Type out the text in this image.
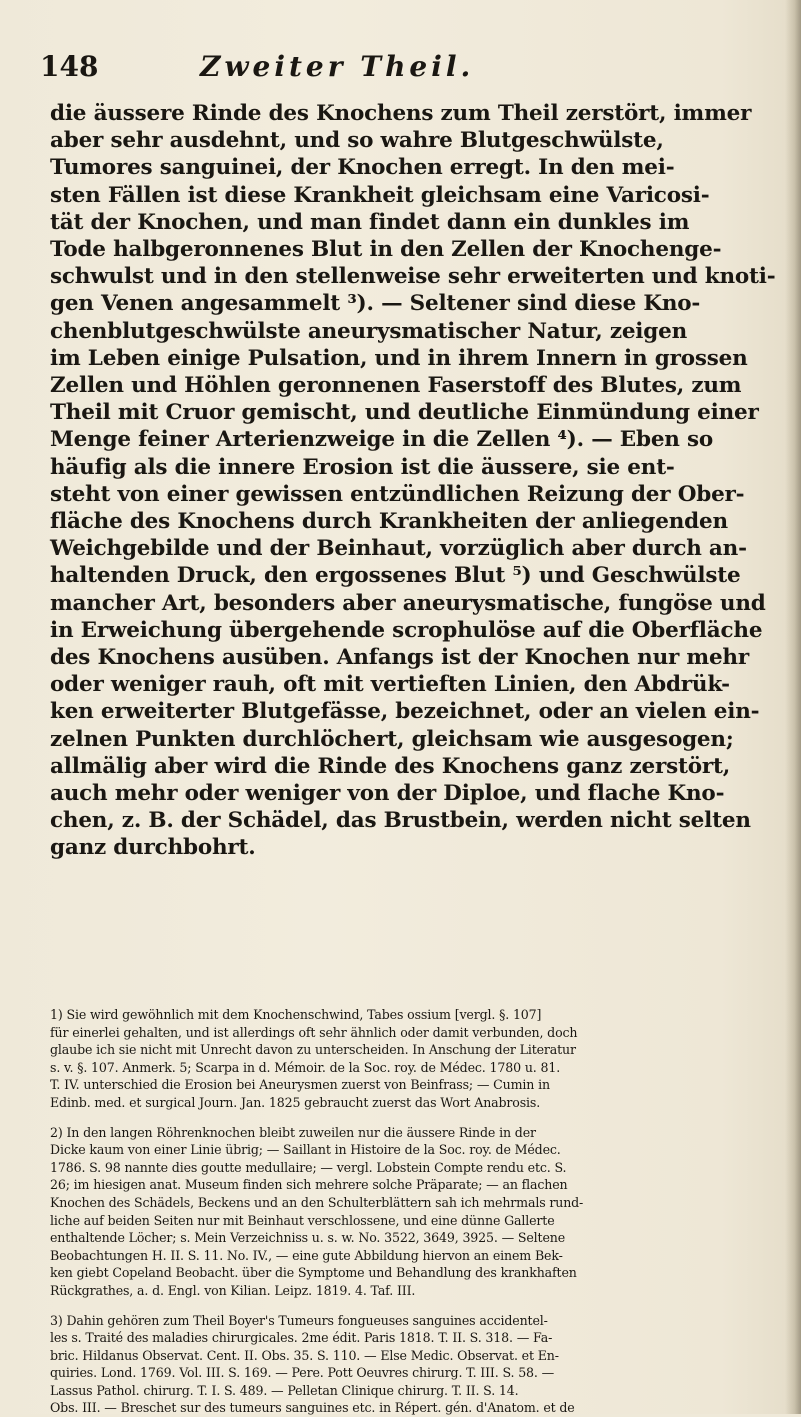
148	Zweiter Theil.
die äussere Rinde des Knochens zum Theil zerstört, immer
aber sehr ausdehnt, und so wahre Blutgeschwülste,
Tumores sanguinei, der Knochen erregt. In den mei-
sten Fällen ist diese Krankheit gleichsam eine Varicosi-
tät der Knochen, und man findet dann ein dunkles im
Tode halbgeronnenes Blut in den Zellen der Knochenge-
schwulst und in den stellenweise sehr erweiterten und knoti-
gen Venen angesammelt ³). — Seltener sind diese Kno-
chenblutgeschwülste aneurysmatischer Natur, zeigen
im Leben einige Pulsation, und in ihrem Innern in grossen
Zellen und Höhlen geronnenen Faserstoff des Blutes, zum
Theil mit Cruor gemischt, und deutliche Einmündung einer
Menge feiner Arterienzweige in die Zellen ⁴). — Eben so
häufig als die innere Erosion ist die äussere, sie ent-
steht von einer gewissen entzündlichen Reizung der Ober-
fläche des Knochens durch Krankheiten der anliegenden
Weichgebilde und der Beinhaut, vorzüglich aber durch an-
haltenden Druck, den ergossenes Blut ⁵) und Geschwülste
mancher Art, besonders aber aneurysmatische, fungöse und
in Erweichung übergehende scrophulöse auf die Oberfläche
des Knochens ausüben. Anfangs ist der Knochen nur mehr
oder weniger rauh, oft mit vertieften Linien, den Abdrük-
ken erweiterter Blutgefässe, bezeichnet, oder an vielen ein-
zelnen Punkten durchlöchert, gleichsam wie ausgesogen;
allmälig aber wird die Rinde des Knochens ganz zerstört,
auch mehr oder weniger von der Diploe, und flache Kno-
chen, z. B. der Schädel, das Brustbein, werden nicht selten
ganz durchbohrt.
1) Sie wird gewöhnlich mit dem Knochenschwind, Tabes ossium [vergl. §. 107]
für einerlei gehalten, und ist allerdings oft sehr ähnlich oder damit verbunden, doch
glaube ich sie nicht mit Unrecht davon zu unterscheiden. In Anschung der Literatur
s. v. §. 107. Anmerk. 5; Scarpa in d. Mémoir. de la Soc. roy. de Médec. 1780 u. 81.
T. IV. unterschied die Erosion bei Aneurysmen zuerst von Beinfrass; — Cumin in
Edinb. med. et surgical Journ. Jan. 1825 gebraucht zuerst das Wort Anabrosis.
2) In den langen Röhrenknochen bleibt zuweilen nur die äussere Rinde in der
Dicke kaum von einer Linie übrig; — Saillant in Histoire de la Soc. roy. de Médec.
1786. S. 98 nannte dies goutte medullaire; — vergl. Lobstein Compte rendu etc. S.
26; im hiesigen anat. Museum finden sich mehrere solche Präparate; — an flachen
Knochen des Schädels, Beckens und an den Schulterblättern sah ich mehrmals rund-
liche auf beiden Seiten nur mit Beinhaut verschlossene, und eine dünne Gallerte
enthaltende Löcher; s. Mein Verzeichniss u. s. w. No. 3522, 3649, 3925. — Seltene
Beobachtungen H. II. S. 11. No. IV., — eine gute Abbildung hiervon an einem Bek-
ken giebt Copeland Beobacht. über die Symptome und Behandlung des krankhaften
Rückgrathes, a. d. Engl. von Kilian. Leipz. 1819. 4. Taf. III.
3) Dahin gehören zum Theil Boyer's Tumeurs fongueuses sanguines accidentel-
les s. Traité des maladies chirurgicales. 2me édit. Paris 1818. T. II. S. 318. — Fa-
bric. Hildanus Observat. Cent. II. Obs. 35. S. 110. — Else Medic. Observat. et En-
quiries. Lond. 1769. Vol. III. S. 169. — Pere. Pott Oeuvres chirurg. T. III. S. 58. —
Lassus Pathol. chirurg. T. I. S. 489. — Pelletan Clinique chirurg. T. II. S. 14.
Obs. III. — Breschet sur des tumeurs sanguines etc. in Répert. gén. d'Anatom. et de
